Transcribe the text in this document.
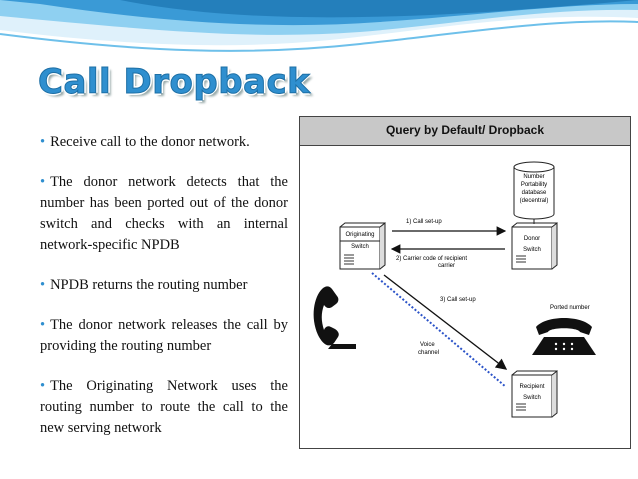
Call Dropback
• Receive call to the donor network.
• The donor network detects that the number has been ported out of the donor switch and checks with an internal network-specific NPDB
• NPDB returns the routing number
• The donor network releases the call by providing the routing number
• The Originating Network uses the routing number to route the call to the new serving network
Query by Default/ Dropback
Number
Portability
database
(decentral)
Originating
Switch
Donor
Switch
Recipient
Switch
1) Call set-up
2) Carrier code of recipient
carrier
3) Call set-up
Voice
channel
Ported number
